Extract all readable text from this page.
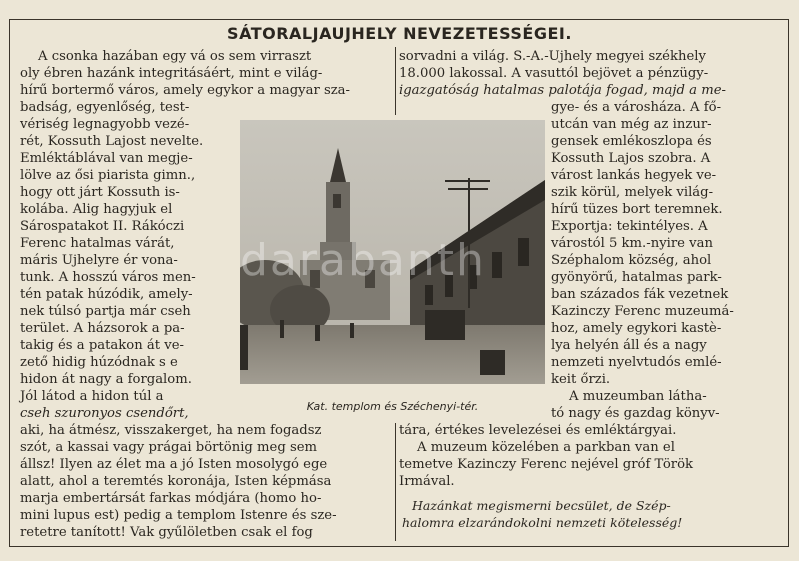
SÁTORALJAUJHELY NEVEZETESSÉGEI.
A csonka hazában egy vá os sem virraszt
oly ébren hazánk integritásáért, mint e világ-
hírű bortermő város, amely egykor a magyar sza-
badság, egyenlőség, test-
vériség legnagyobb vezé-
rét, Kossuth Lajost nevelte.
Emléktáblával van megje-
lölve az ősi piarista gimn.,
hogy ott járt Kossuth is-
kolába. Alig hagyjuk el
Sárospatakot II. Rákóczi
Ferenc hatalmas várát,
máris Ujhelyre ér vona-
tunk. A hosszú város men-
tén patak húzódik, amely-
nek túlsó partja már cseh
terület. A házsorok a pa-
takig és a patakon át ve-
zető hidig húzódnak s e
hidon át nagy a forgalom.
Jól látod a hidon túl a
cseh szuronyos csendőrt,
aki, ha átmész, visszakerget, ha nem fogadsz
szót, a kassai vagy prágai börtönig meg sem
állsz! Ilyen az élet ma a jó Isten mosolygó ege
alatt, ahol a teremtés koronája, Isten képmása
marja embertársát farkas módjára (homo ho-
mini lupus est) pedig a templom Istenre és sze-
retetre tanított! Vak gyűlöletben csak el fog
sorvadni a világ. S.-A.-Ujhely megyei székhely
18.000 lakossal. A vasuttól bejövet a pénzügy-
igazgatóság hatalmas palotája fogad, majd a me-
gye- és a városháza. A fő-
utcán van még az inzur-
gensek emlékoszlopa és
Kossuth Lajos szobra. A
várost lankás hegyek ve-
szik körül, melyek világ-
hírű tüzes bort teremnek.
Exportja: tekintélyes. A
várostól 5 km.-nyire van
Széphalom község, ahol
gyönyörű, hatalmas park-
ban százados fák vezetnek
Kazinczy Ferenc muzeumá-
hoz, amely egykori kastè-
lya helyén áll és a nagy
nemzeti nyelvtudós emlé-
keit őrzi.
A muzeumban látha-
tó nagy és gazdag könyv-
tára, értékes levelezései és emléktárgyai.
A muzeum közelében a parkban van el
temetve Kazinczy Ferenc nejével gróf Török
Irmával.
Hazánkat megismerni becsület, de Szép-
halomra elzarándokolni nemzeti kötelesség!
darabanth
Kat. templom és Széchenyi-tér.
